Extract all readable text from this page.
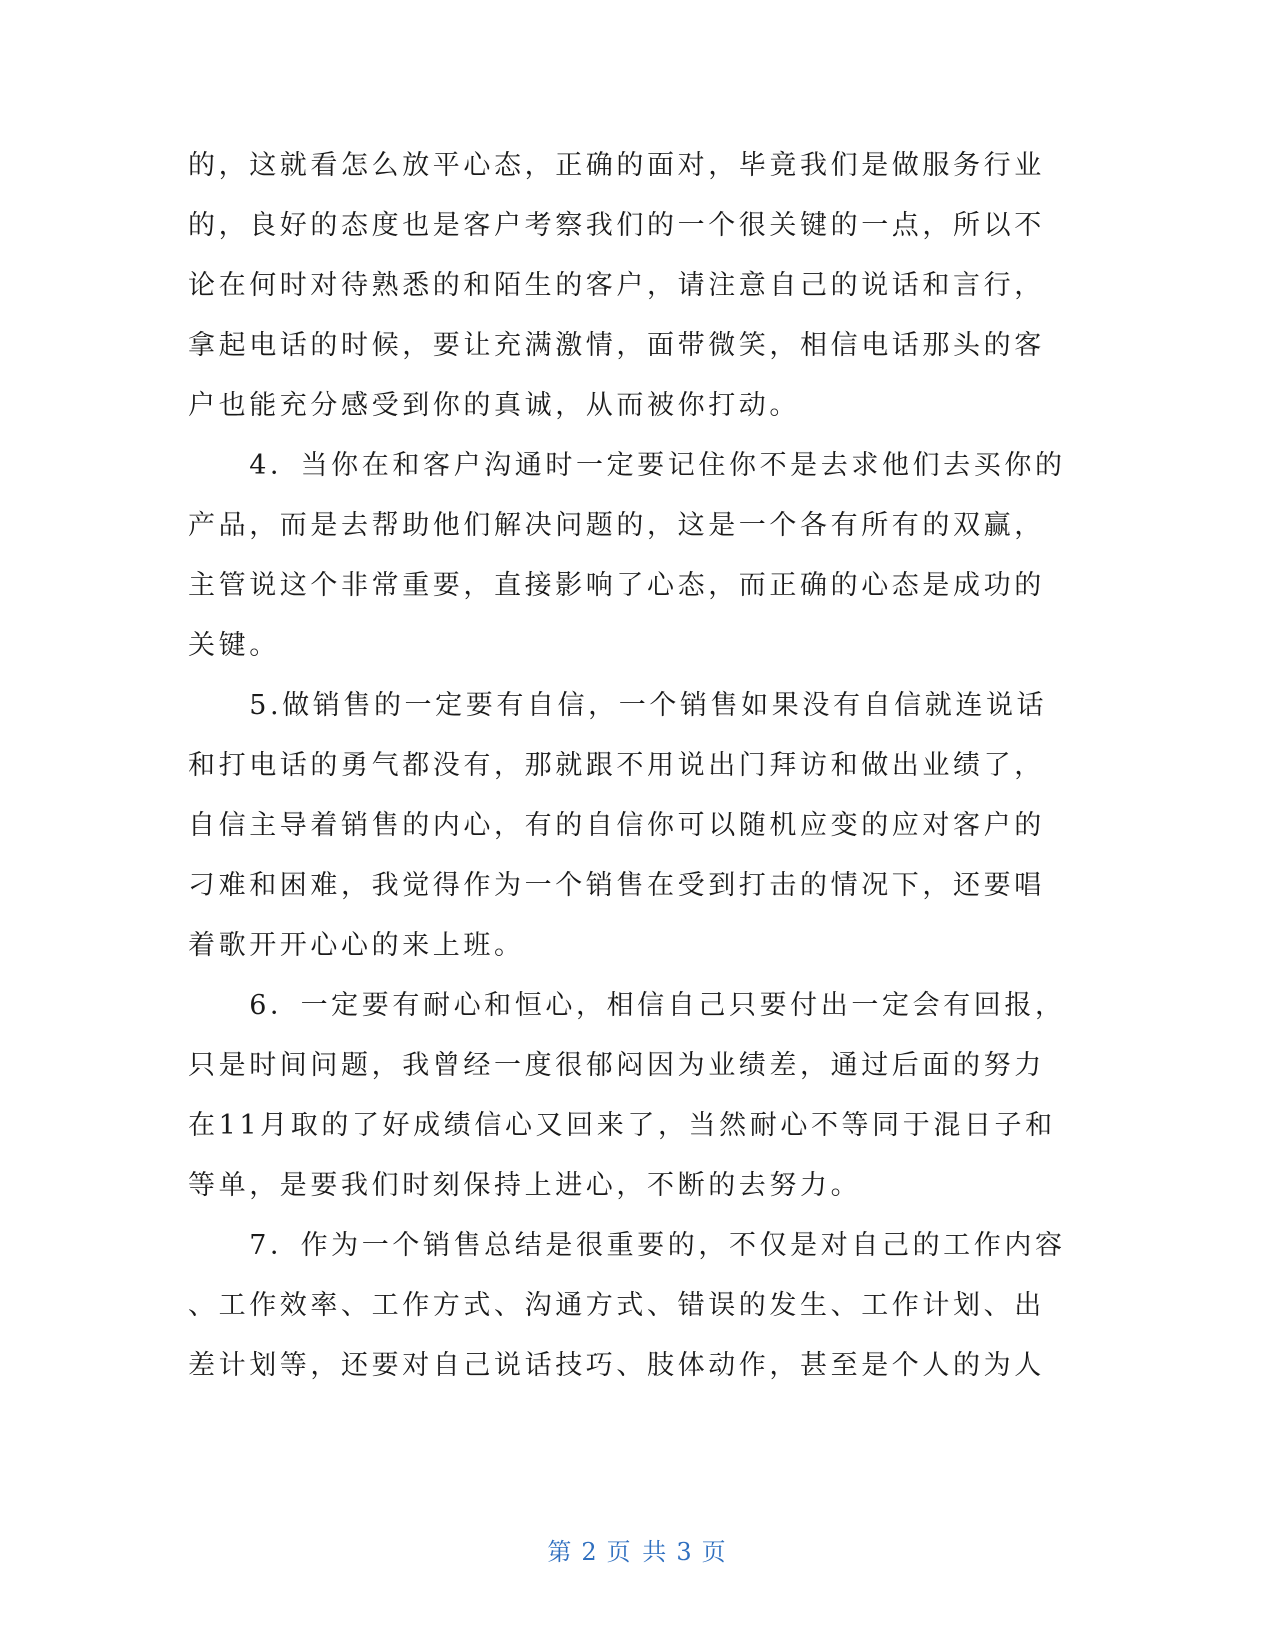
的，这就看怎么放平心态，正确的面对，毕竟我们是做服务行业
的，良好的态度也是客户考察我们的一个很关键的一点，所以不
论在何时对待熟悉的和陌生的客户，请注意自己的说话和言行，
拿起电话的时候，要让充满激情，面带微笑，相信电话那头的客
户也能充分感受到你的真诚，从而被你打动。
　　4．当你在和客户沟通时一定要记住你不是去求他们去买你的
产品，而是去帮助他们解决问题的，这是一个各有所有的双赢，
主管说这个非常重要，直接影响了心态，而正确的心态是成功的
关键。
　　5.做销售的一定要有自信，一个销售如果没有自信就连说话
和打电话的勇气都没有，那就跟不用说出门拜访和做出业绩了，
自信主导着销售的内心，有的自信你可以随机应变的应对客户的
刁难和困难，我觉得作为一个销售在受到打击的情况下，还要唱
着歌开开心心的来上班。
　　6．一定要有耐心和恒心，相信自己只要付出一定会有回报，
只是时间问题，我曾经一度很郁闷因为业绩差，通过后面的努力
在11月取的了好成绩信心又回来了，当然耐心不等同于混日子和
等单，是要我们时刻保持上进心，不断的去努力。
　　7．作为一个销售总结是很重要的，不仅是对自己的工作内容
、工作效率、工作方式、沟通方式、错误的发生、工作计划、出
差计划等，还要对自己说话技巧、肢体动作，甚至是个人的为人
第 2 页 共 3 页
